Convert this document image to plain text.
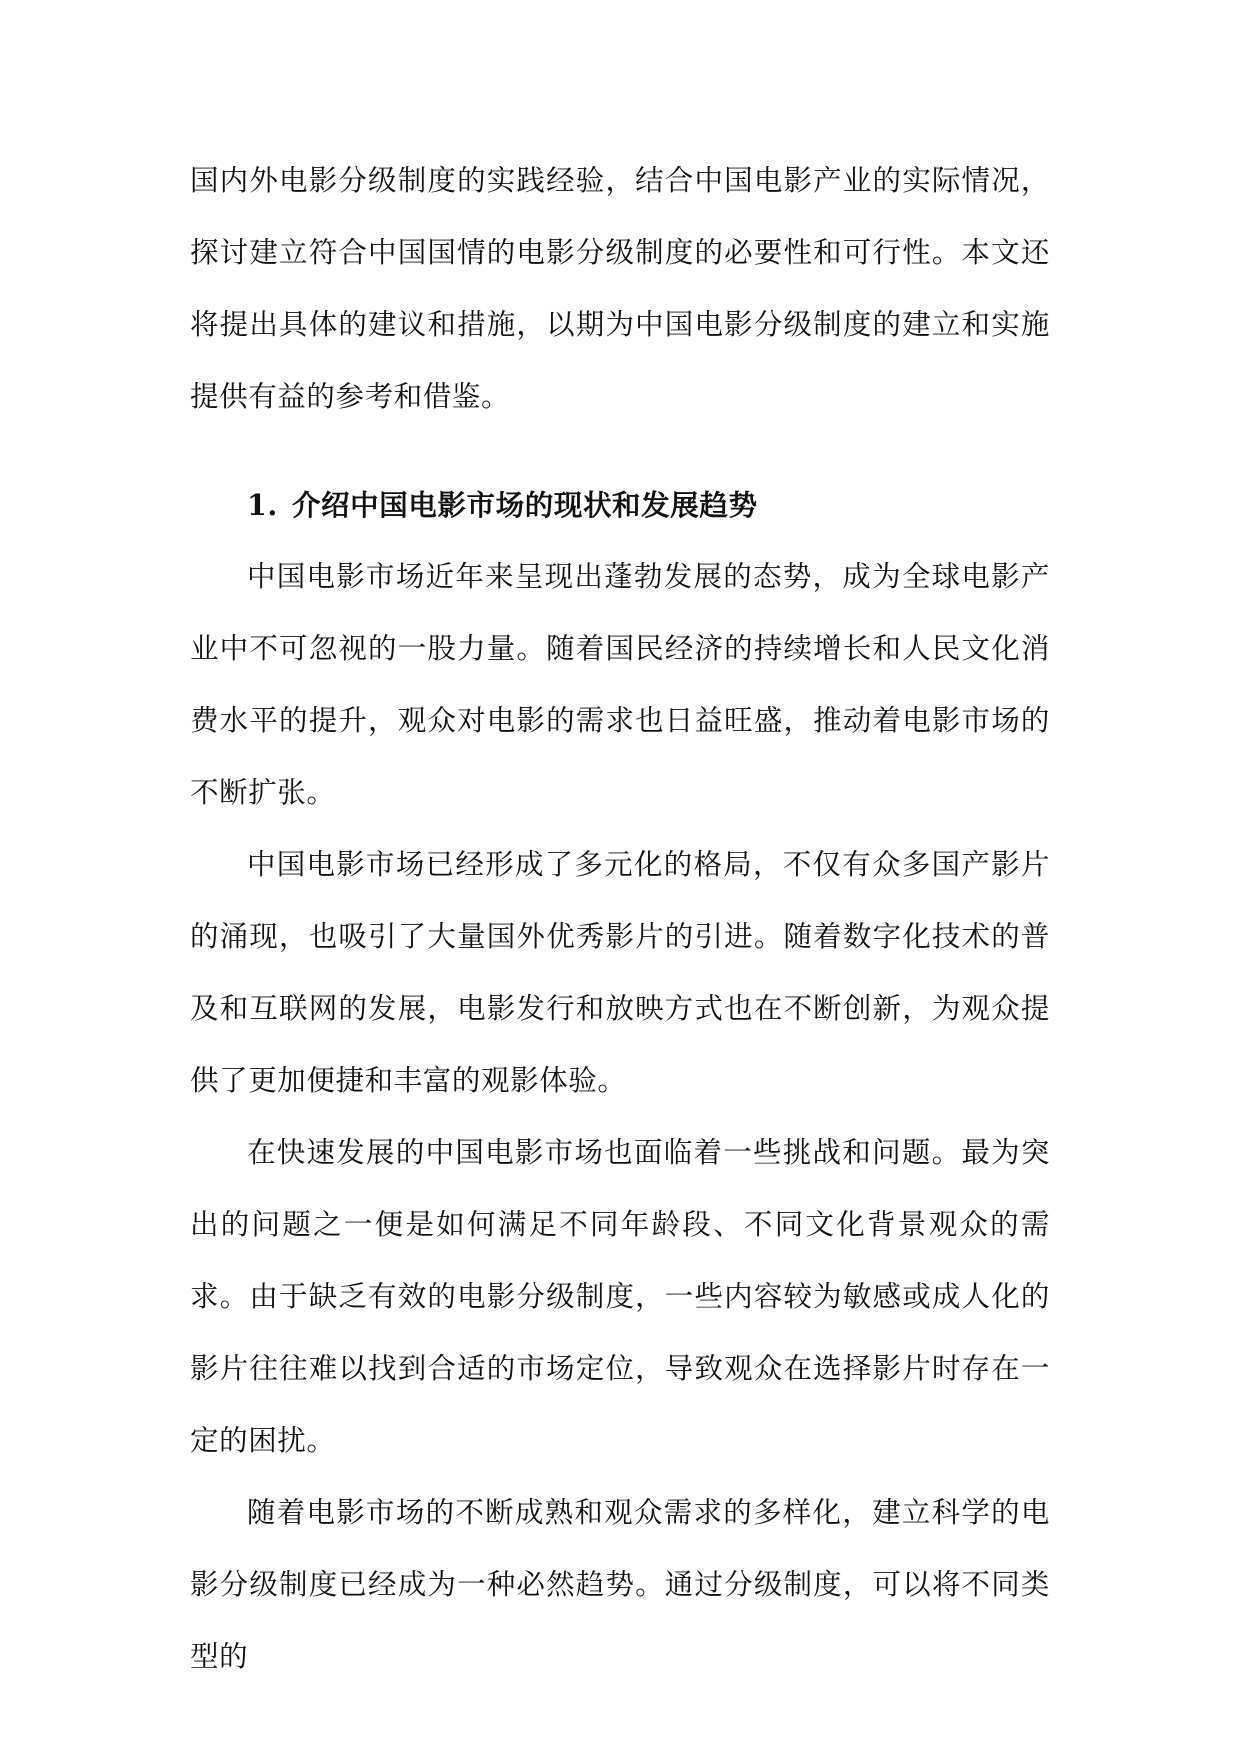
国内外电影分级制度的实践经验，结合中国电影产业的实际情况，探讨建立符合中国国情的电影分级制度的必要性和可行性。本文还将提出具体的建议和措施，以期为中国电影分级制度的建立和实施提供有益的参考和借鉴。

1. 介绍中国电影市场的现状和发展趋势

中国电影市场近年来呈现出蓬勃发展的态势，成为全球电影产业中不可忽视的一股力量。随着国民经济的持续增长和人民文化消费水平的提升，观众对电影的需求也日益旺盛，推动着电影市场的不断扩张。

中国电影市场已经形成了多元化的格局，不仅有众多国产影片的涌现，也吸引了大量国外优秀影片的引进。随着数字化技术的普及和互联网的发展，电影发行和放映方式也在不断创新，为观众提供了更加便捷和丰富的观影体验。

在快速发展的中国电影市场也面临着一些挑战和问题。最为突出的问题之一便是如何满足不同年龄段、不同文化背景观众的需求。由于缺乏有效的电影分级制度，一些内容较为敏感或成人化的影片往往难以找到合适的市场定位，导致观众在选择影片时存在一定的困扰。

随着电影市场的不断成熟和观众需求的多样化，建立科学的电影分级制度已经成为一种必然趋势。通过分级制度，可以将不同类型的
